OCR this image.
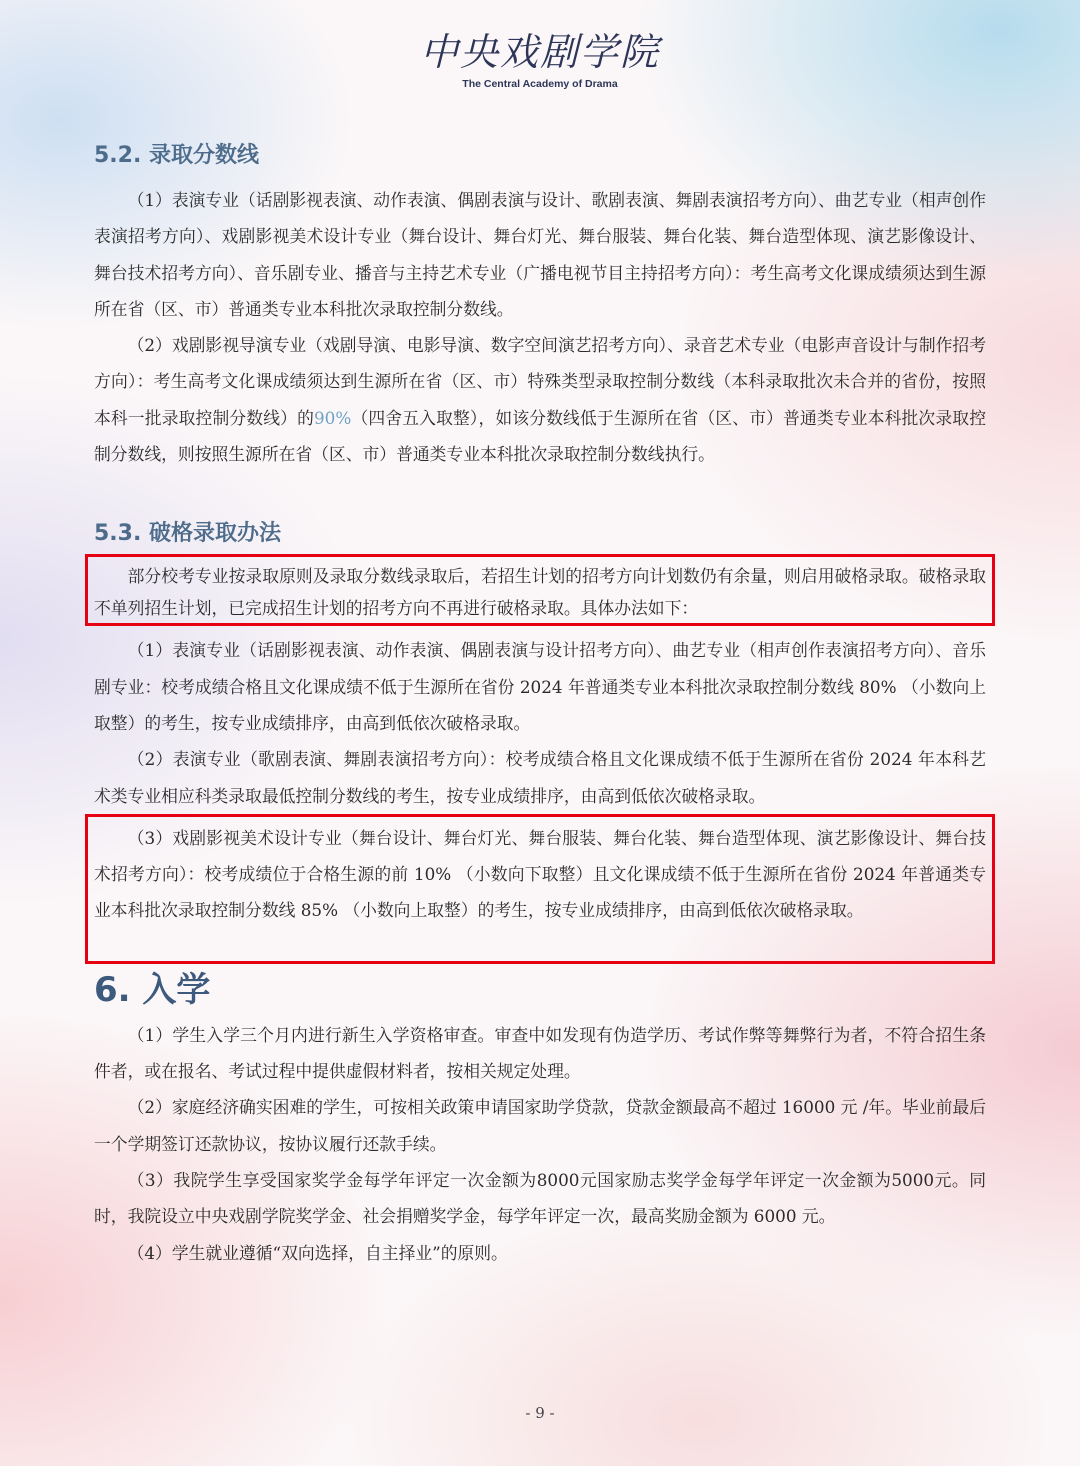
中央戏剧学院
The Central Academy of Drama
5.2. 录取分数线

（1）表演专业（话剧影视表演、动作表演、偶剧表演与设计、歌剧表演、舞剧表演招考方向）、曲艺专业（相声创作表演招考方向）、戏剧影视美术设计专业（舞台设计、舞台灯光、舞台服装、舞台化装、舞台造型体现、演艺影像设计、舞台技术招考方向）、音乐剧专业、播音与主持艺术专业（广播电视节目主持招考方向）：考生高考文化课成绩须达到生源所在省（区、市）普通类专业本科批次录取控制分数线。

（2）戏剧影视导演专业（戏剧导演、电影导演、数字空间演艺招考方向）、录音艺术专业（电影声音设计与制作招考方向）：考生高考文化课成绩须达到生源所在省（区、市）特殊类型录取控制分数线（本科录取批次未合并的省份，按照本科一批录取控制分数线）的90%（四舍五入取整），如该分数线低于生源所在省（区、市）普通类专业本科批次录取控制分数线，则按照生源所在省（区、市）普通类专业本科批次录取控制分数线执行。

5.3. 破格录取办法

部分校考专业按录取原则及录取分数线录取后，若招生计划的招考方向计划数仍有余量，则启用破格录取。破格录取不单列招生计划，已完成招生计划的招考方向不再进行破格录取。具体办法如下：

（1）表演专业（话剧影视表演、动作表演、偶剧表演与设计招考方向）、曲艺专业（相声创作表演招考方向）、音乐剧专业：校考成绩合格且文化课成绩不低于生源所在省份 2024 年普通类专业本科批次录取控制分数线 80% （小数向上取整）的考生，按专业成绩排序，由高到低依次破格录取。

（2）表演专业（歌剧表演、舞剧表演招考方向）：校考成绩合格且文化课成绩不低于生源所在省份 2024 年本科艺术类专业相应科类录取最低控制分数线的考生，按专业成绩排序，由高到低依次破格录取。

（3）戏剧影视美术设计专业（舞台设计、舞台灯光、舞台服装、舞台化装、舞台造型体现、演艺影像设计、舞台技术招考方向）：校考成绩位于合格生源的前 10% （小数向下取整）且文化课成绩不低于生源所在省份 2024 年普通类专业本科批次录取控制分数线 85% （小数向上取整）的考生，按专业成绩排序，由高到低依次破格录取。

6. 入学

（1）学生入学三个月内进行新生入学资格审查。审查中如发现有伪造学历、考试作弊等舞弊行为者，不符合招生条件者，或在报名、考试过程中提供虚假材料者，按相关规定处理。

（2）家庭经济确实困难的学生，可按相关政策申请国家助学贷款，贷款金额最高不超过 16000 元 /年。毕业前最后一个学期签订还款协议，按协议履行还款手续。

（3）我院学生享受国家奖学金每学年评定一次金额为8000元国家励志奖学金每学年评定一次金额为5000元。同时，我院设立中央戏剧学院奖学金、社会捐赠奖学金，每学年评定一次，最高奖励金额为 6000 元。

（4）学生就业遵循“双向选择，自主择业”的原则。

- 9 -
